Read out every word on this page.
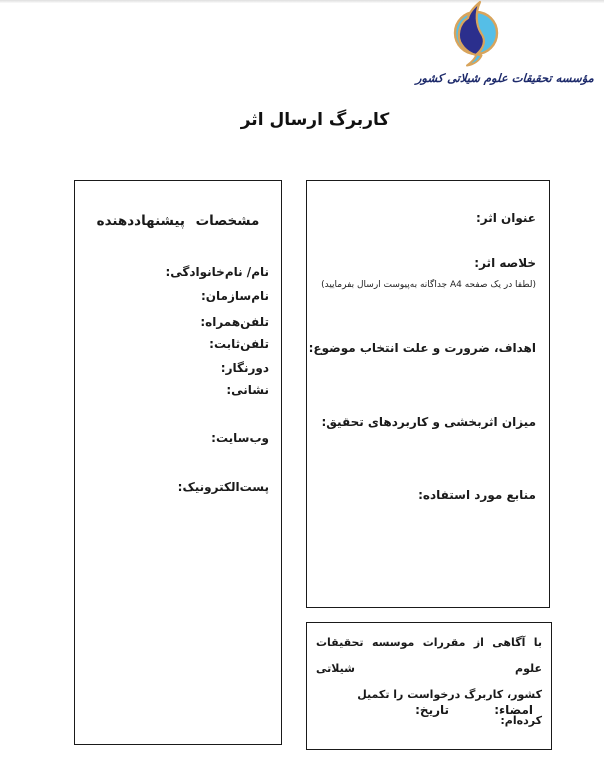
مؤسسه تحقیقات علوم شیلاتی کشور
کاربرگ ارسال اثر
مشخصات پیشنهاددهنده
نام/ نام‌خانوادگی:
نام‌سازمان:
تلفن‌همراه:
تلفن‌ثابت:
دورنگار:
نشانی:
وب‌سایت:
پست‌الکترونیک:
عنوان اثر:
خلاصه اثر:
(لطفا در یک صفحه A4 جداگانه به‌پیوست ارسال بفرمایید)
اهداف، ضرورت و علت انتخاب موضوع:
میزان اثربخشی و کاربردهای تحقیق:
منابع مورد استفاده:
با آگاهی از مقررات موسسه تحقیقات علوم شیلاتی
کشور، کاربرگ درخواست را تکمیل کرده‌ام:
امضاء:
تاریخ:
